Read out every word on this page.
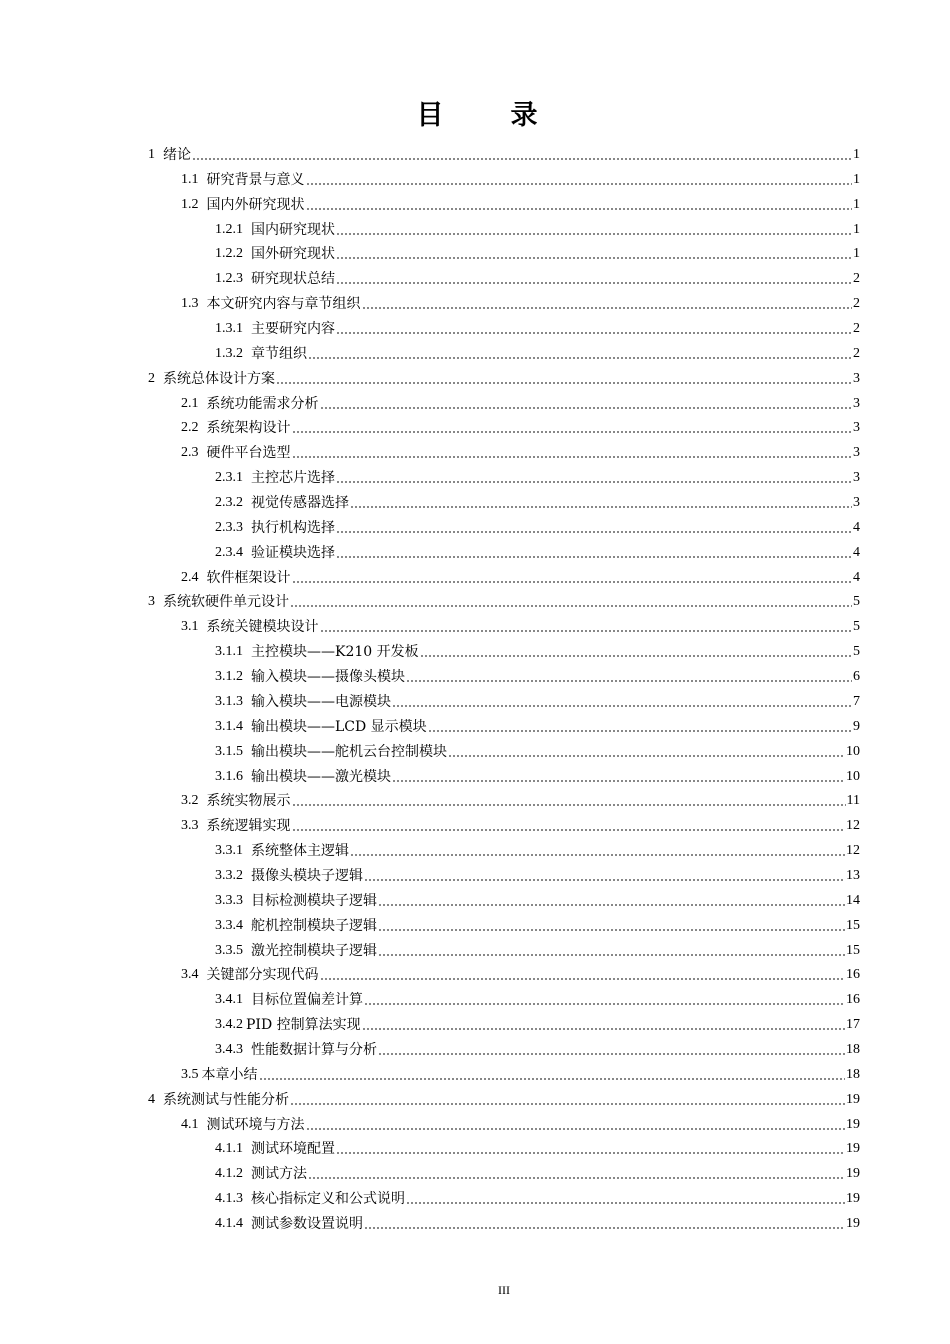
目　录
1 绪论	1
1.1 研究背景与意义	1
1.2 国内外研究现状	1
1.2.1 国内研究现状	1
1.2.2 国外研究现状	1
1.2.3 研究现状总结	2
1.3 本文研究内容与章节组织	2
1.3.1 主要研究内容	2
1.3.2 章节组织	2
2 系统总体设计方案	3
2.1 系统功能需求分析	3
2.2 系统架构设计	3
2.3 硬件平台选型	3
2.3.1 主控芯片选择	3
2.3.2 视觉传感器选择	3
2.3.3 执行机构选择	4
2.3.4 验证模块选择	4
2.4 软件框架设计	4
3 系统软硬件单元设计	5
3.1 系统关键模块设计	5
3.1.1 主控模块——K210 开发板	5
3.1.2 输入模块——摄像头模块	6
3.1.3 输入模块——电源模块	7
3.1.4 输出模块——LCD 显示模块	9
3.1.5 输出模块——舵机云台控制模块	10
3.1.6 输出模块——激光模块	10
3.2 系统实物展示	11
3.3 系统逻辑实现	12
3.3.1 系统整体主逻辑	12
3.3.2 摄像头模块子逻辑	13
3.3.3 目标检测模块子逻辑	14
3.3.4 舵机控制模块子逻辑	15
3.3.5 激光控制模块子逻辑	15
3.4 关键部分实现代码	16
3.4.1 目标位置偏差计算	16
3.4.2 PID 控制算法实现	17
3.4.3 性能数据计算与分析	18
3.5 本章小结	18
4 系统测试与性能分析	19
4.1 测试环境与方法	19
4.1.1 测试环境配置	19
4.1.2 测试方法	19
4.1.3 核心指标定义和公式说明	19
4.1.4 测试参数设置说明	19
III
